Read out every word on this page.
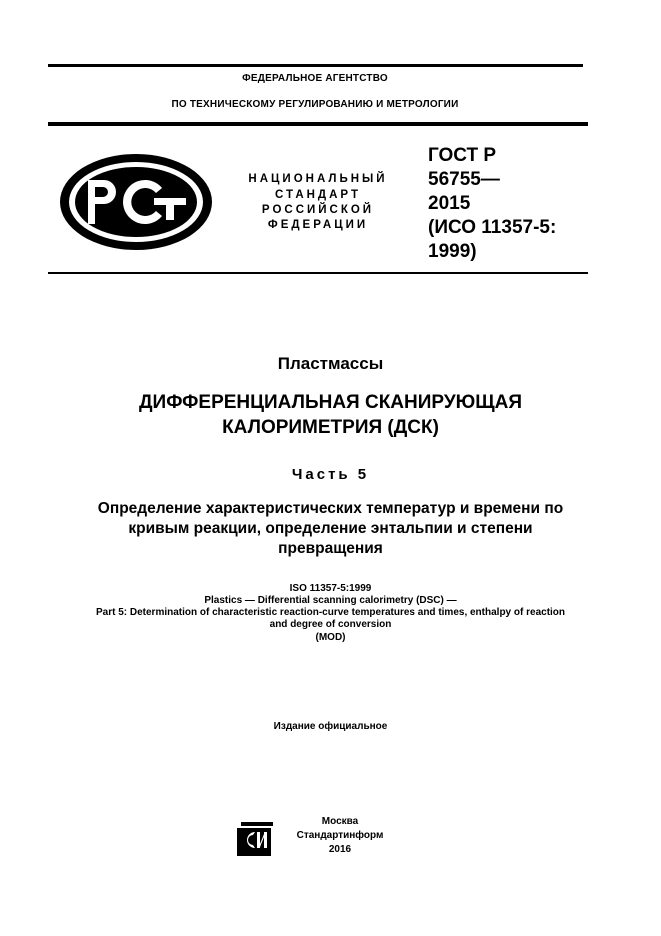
ФЕДЕРАЛЬНОЕ АГЕНТСТВО
ПО ТЕХНИЧЕСКОМУ РЕГУЛИРОВАНИЮ И МЕТРОЛОГИИ
НАЦИОНАЛЬНЫЙ
СТАНДАРТ
РОССИЙСКОЙ
ФЕДЕРАЦИИ
ГОСТ Р
56755—
2015
(ИСО 11357-5:
1999)
Пластмассы
ДИФФЕРЕНЦИАЛЬНАЯ СКАНИРУЮЩАЯ
КАЛОРИМЕТРИЯ (ДСК)
Часть 5
Определение характеристических температур и времени по
кривым реакции, определение энтальпии и степени
превращения
ISO 11357-5:1999
Plastics — Differential scanning calorimetry (DSC) —
Part 5: Determination of characteristic reaction-curve temperatures and times, enthalpy of reaction
and degree of conversion
(MOD)
Издание официальное
Москва
Стандартинформ
2016
